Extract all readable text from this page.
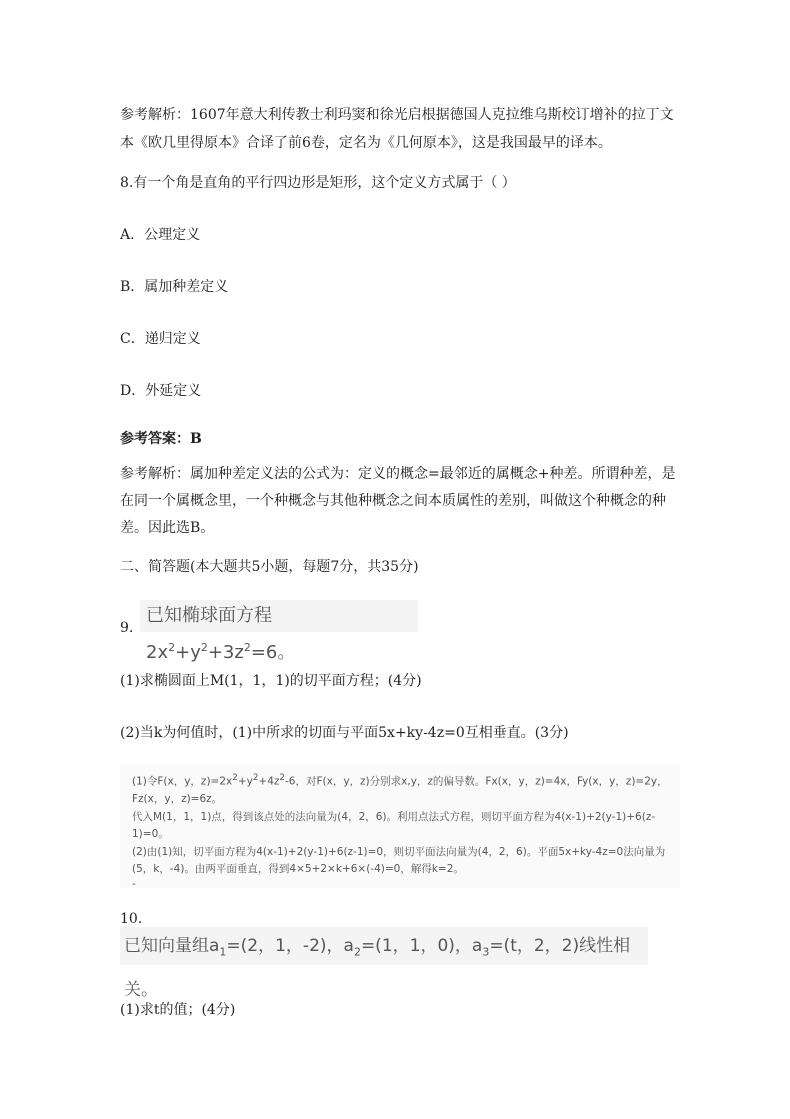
参考解析：1607年意大利传教士利玛窦和徐光启根据德国人克拉维乌斯校订增补的拉丁文

本《欧几里得原本》合译了前6卷，定名为《几何原本》，这是我国最早的译本。

8.有一个角是直角的平行四边形是矩形，这个定义方式属于（ ）

A．公理定义

B．属加种差定义

C．递归定义

D．外延定义

参考答案：B

参考解析：属加种差定义法的公式为：定义的概念=最邻近的属概念+种差。所谓种差，是

在同一个属概念里，一个种概念与其他种概念之间本质属性的差别，叫做这个种概念的种

差。因此选B。

二、简答题(本大题共5小题，每题7分，共35分)

9.

已知椭球面方程$2x^2+y^2+3z^2=6$。

(1)求椭圆面上M(1，1，1)的切平面方程；(4分)

(2)当k为何值时，(1)中所求的切面与平面5x+ky-4z=0互相垂直。(3分)

(1)令F(x，y，$z)=2x^2+y^2+4z^2-6$，对F(x，y，z)分别求x,y，z的偏导数。Fx(x，y，z)=4x，Fy(x，y，z)=2y，
Fz(x，y，z)=6z。
代入M(1，1，1)点，得到该点处的法向量为(4，2，6)。利用点法式方程，则切平面方程为4(x-1)+2(y-1)+6(z-
1)=0。
(2)由(1)知，切平面方程为4(x-1)+2(y-1)+6(z-1)=0，则切平面法向量为(4，2，6)。平面5x+ky-4z=0法向量为
(5，k，-4)。由两平面垂直，得到4×5+2×k+6×(-4)=0，解得k=2。
-

10.

已知向量组$a_1=(2$，1，-2)，$a_2=(1$，1，0)，$a_3=(t$，2，2)线性相关。

(1)求t的值；(4分)
